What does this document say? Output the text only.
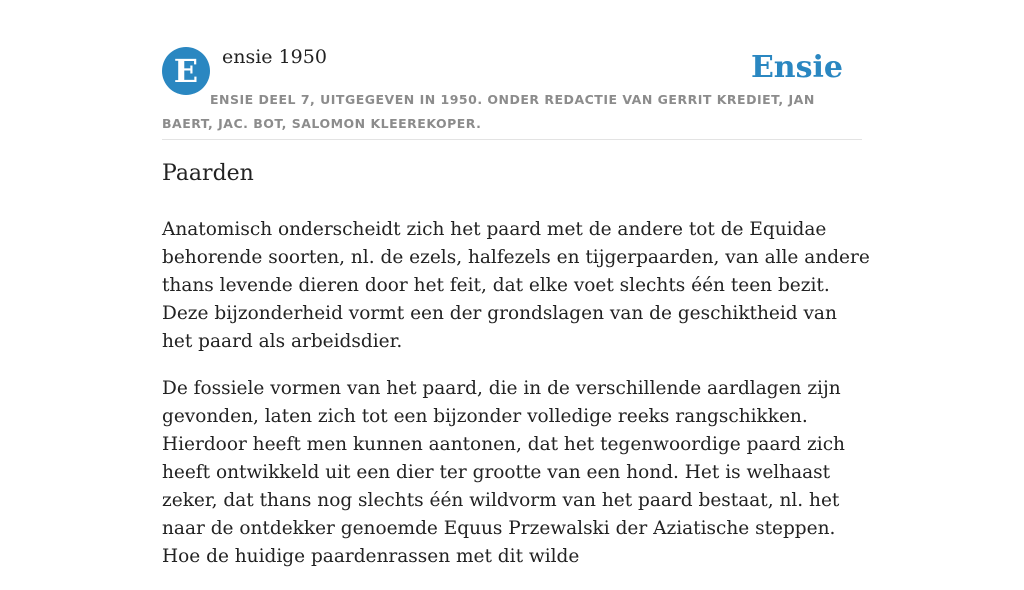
E	ensie 1950	Ensie
ENSIE DEEL 7, UITGEGEVEN IN 1950. ONDER REDACTIE VAN GERRIT KREDIET, JAN BAERT, JAC. BOT, SALOMON KLEEREKOPER.
Paarden

Anatomisch onderscheidt zich het paard met de andere tot de Equidae behorende soorten, nl. de ezels, halfezels en tijgerpaarden, van alle andere thans levende dieren door het feit, dat elke voet slechts één teen bezit. Deze bijzonderheid vormt een der grondslagen van de geschiktheid van het paard als arbeidsdier.

De fossiele vormen van het paard, die in de verschillende aardlagen zijn gevonden, laten zich tot een bijzonder volledige reeks rangschikken. Hierdoor heeft men kunnen aantonen, dat het tegenwoordige paard zich heeft ontwikkeld uit een dier ter grootte van een hond. Het is welhaast zeker, dat thans nog slechts één wildvorm van het paard bestaat, nl. het naar de ontdekker genoemde Equus Przewalski der Aziatische steppen. Hoe de huidige paardenrassen met dit wilde
